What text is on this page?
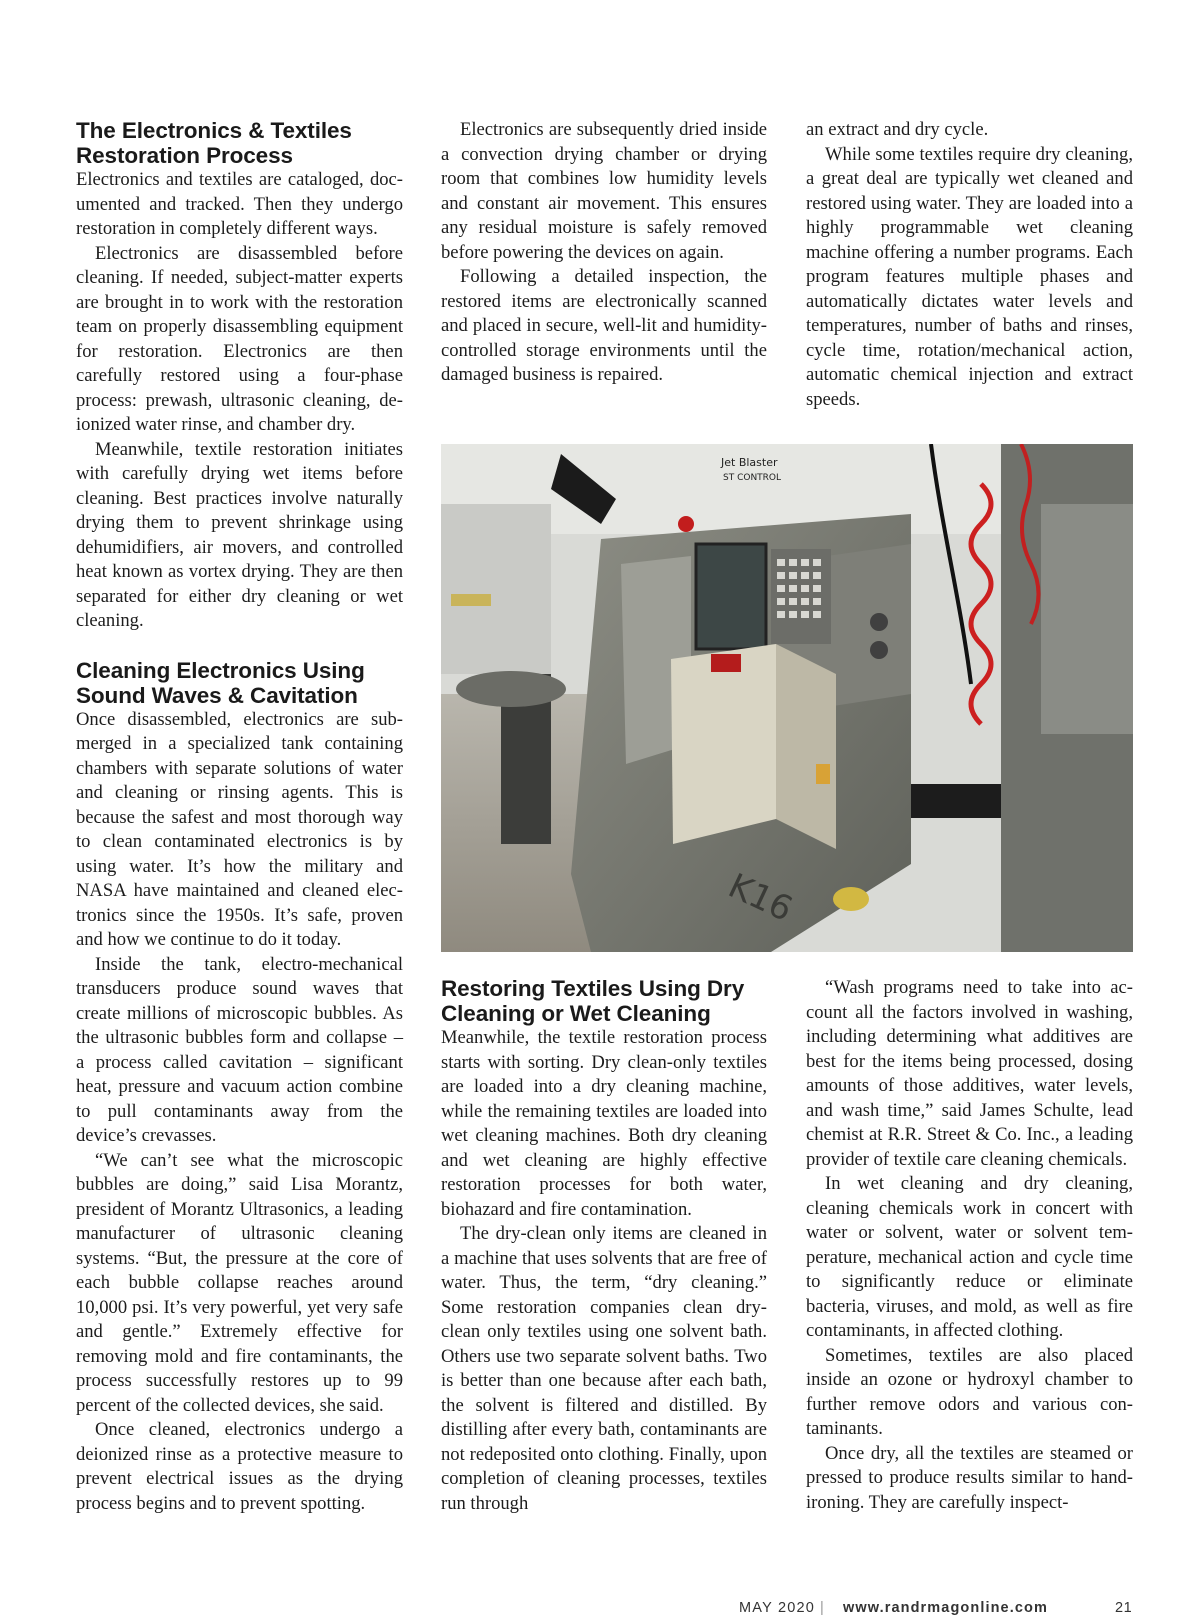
The Electronics & Textiles Restoration Process

Electronics and textiles are cataloged, documented and tracked. Then they undergo restoration in completely different ways.

Electronics are disassembled before cleaning. If needed, subject-matter experts are brought in to work with the restoration team on properly disassembling equipment for restoration. Electronics are then carefully restored using a four-phase process: prewash, ultrasonic cleaning, deionized water rinse, and chamber dry.

Meanwhile, textile restoration initiates with carefully drying wet items before cleaning. Best practices involve naturally drying them to prevent shrinkage using dehumidifiers, air movers, and controlled heat known as vortex drying. They are then separated for either dry cleaning or wet cleaning.

Cleaning Electronics Using Sound Waves & Cavitation

Once disassembled, electronics are submerged in a specialized tank containing chambers with separate solutions of water and cleaning or rinsing agents. This is because the safest and most thorough way to clean contaminated electronics is by using water. It’s how the military and NASA have maintained and cleaned electronics since the 1950s. It’s safe, proven and how we continue to do it today.

Inside the tank, electro-mechanical transducers produce sound waves that create millions of microscopic bubbles. As the ultrasonic bubbles form and collapse – a process called cavitation – significant heat, pressure and vacuum action combine to pull contaminants away from the device’s crevasses.

“We can’t see what the microscopic bubbles are doing,” said Lisa Morantz, president of Morantz Ultrasonics, a leading manufacturer of ultrasonic cleaning systems. “But, the pressure at the core of each bubble collapse reaches around 10,000 psi. It’s very powerful, yet very safe and gentle.” Extremely effective for removing mold and fire contaminants, the process successfully restores up to 99 percent of the collected devices, she said.

Once cleaned, electronics undergo a deionized rinse as a protective measure to prevent electrical issues as the drying process begins and to prevent spotting.

Electronics are subsequently dried inside a convection drying chamber or drying room that combines low humidity levels and constant air movement. This ensures any residual moisture is safely removed before powering the devices on again.

Following a detailed inspection, the restored items are electronically scanned and placed in secure, well-lit and humidity-controlled storage environments until the damaged business is repaired.

an extract and dry cycle.

While some textiles require dry cleaning, a great deal are typically wet cleaned and restored using water. They are loaded into a highly programmable wet cleaning machine offering a number programs. Each program features multiple phases and automatically dictates water levels and temperatures, number of baths and rinses, cycle time, rotation/mechanical action, automatic chemical injection and extract speeds.

Jet Blaster
ST CONTROL
K16
Restoring Textiles Using Dry Cleaning or Wet Cleaning

Meanwhile, the textile restoration process starts with sorting. Dry clean-only textiles are loaded into a dry cleaning machine, while the remaining textiles are loaded into wet cleaning machines. Both dry cleaning and wet cleaning are highly effective restoration processes for both water, biohazard and fire contamination.

The dry-clean only items are cleaned in a machine that uses solvents that are free of water. Thus, the term, “dry cleaning.” Some restoration companies clean dry-clean only textiles using one solvent bath. Others use two separate solvent baths. Two is better than one because after each bath, the solvent is filtered and distilled. By distilling after every bath, contaminants are not redeposited onto clothing. Finally, upon completion of cleaning processes, textiles run through

“Wash programs need to take into account all the factors involved in washing, including determining what additives are best for the items being processed, dosing amounts of those additives, water levels, and wash time,” said James Schulte, lead chemist at R.R. Street & Co. Inc., a leading provider of textile care cleaning chemicals.

In wet cleaning and dry cleaning, cleaning chemicals work in concert with water or solvent, water or solvent temperature, mechanical action and cycle time to significantly reduce or eliminate bacteria, viruses, and mold, as well as fire contaminants, in affected clothing.

Sometimes, textiles are also placed inside an ozone or hydroxyl chamber to further remove odors and various contaminants.

Once dry, all the textiles are steamed or pressed to produce results similar to hand-ironing. They are carefully inspect-

MAY 2020 | www.randrmagonline.com	21
